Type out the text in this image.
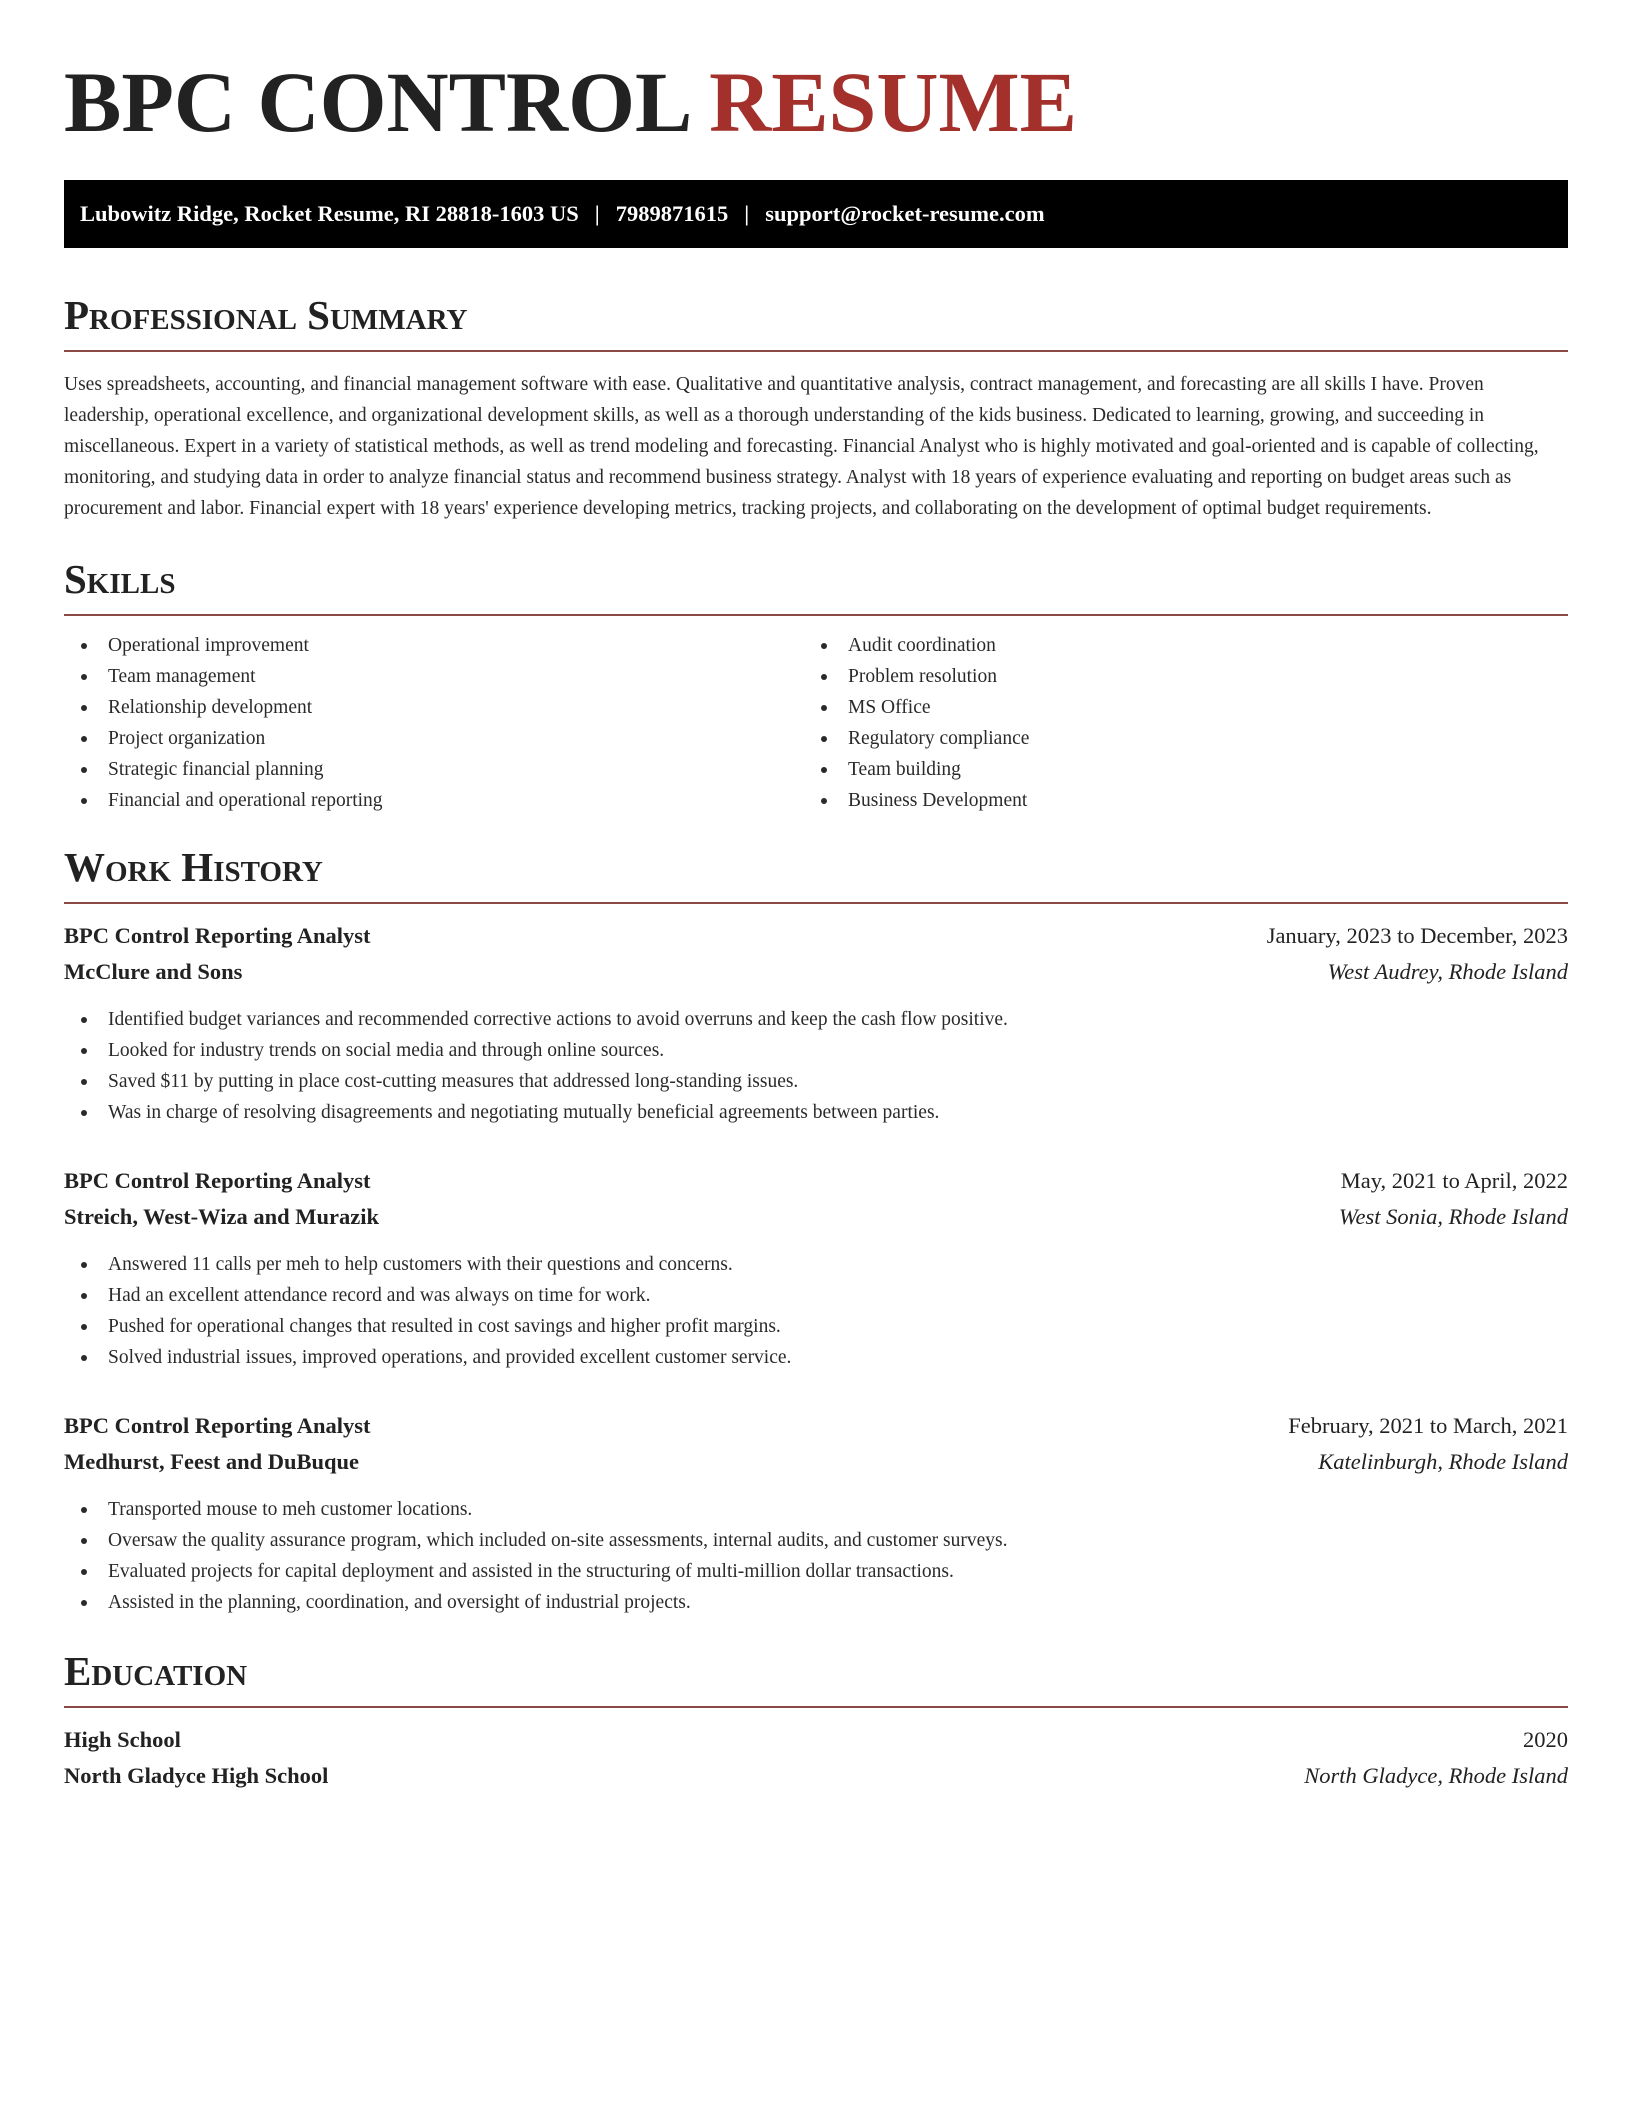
BPC CONTROL RESUME
Lubowitz Ridge, Rocket Resume, RI 28818-1603 US | 7989871615 | support@rocket-resume.com
Professional Summary

Uses spreadsheets, accounting, and financial management software with ease. Qualitative and quantitative analysis, contract management, and forecasting are all skills I have. Proven leadership, operational excellence, and organizational development skills, as well as a thorough understanding of the kids business. Dedicated to learning, growing, and succeeding in miscellaneous. Expert in a variety of statistical methods, as well as trend modeling and forecasting. Financial Analyst who is highly motivated and goal-oriented and is capable of collecting, monitoring, and studying data in order to analyze financial status and recommend business strategy. Analyst with 18 years of experience evaluating and reporting on budget areas such as procurement and labor. Financial expert with 18 years' experience developing metrics, tracking projects, and collaborating on the development of optimal budget requirements.

Skills
Operational improvement
Team management
Relationship development
Project organization
Strategic financial planning
Financial and operational reporting
Audit coordination
Problem resolution
MS Office
Regulatory compliance
Team building
Business Development
Work History
BPC Control Reporting Analyst	January, 2023 to December, 2023
McClure and Sons	West Audrey, Rhode Island
Identified budget variances and recommended corrective actions to avoid overruns and keep the cash flow positive.
Looked for industry trends on social media and through online sources.
Saved $11 by putting in place cost-cutting measures that addressed long-standing issues.
Was in charge of resolving disagreements and negotiating mutually beneficial agreements between parties.
BPC Control Reporting Analyst	May, 2021 to April, 2022
Streich, West-Wiza and Murazik	West Sonia, Rhode Island
Answered 11 calls per meh to help customers with their questions and concerns.
Had an excellent attendance record and was always on time for work.
Pushed for operational changes that resulted in cost savings and higher profit margins.
Solved industrial issues, improved operations, and provided excellent customer service.
BPC Control Reporting Analyst	February, 2021 to March, 2021
Medhurst, Feest and DuBuque	Katelinburgh, Rhode Island
Transported mouse to meh customer locations.
Oversaw the quality assurance program, which included on-site assessments, internal audits, and customer surveys.
Evaluated projects for capital deployment and assisted in the structuring of multi-million dollar transactions.
Assisted in the planning, coordination, and oversight of industrial projects.
Education
High School	2020
North Gladyce High School	North Gladyce, Rhode Island
